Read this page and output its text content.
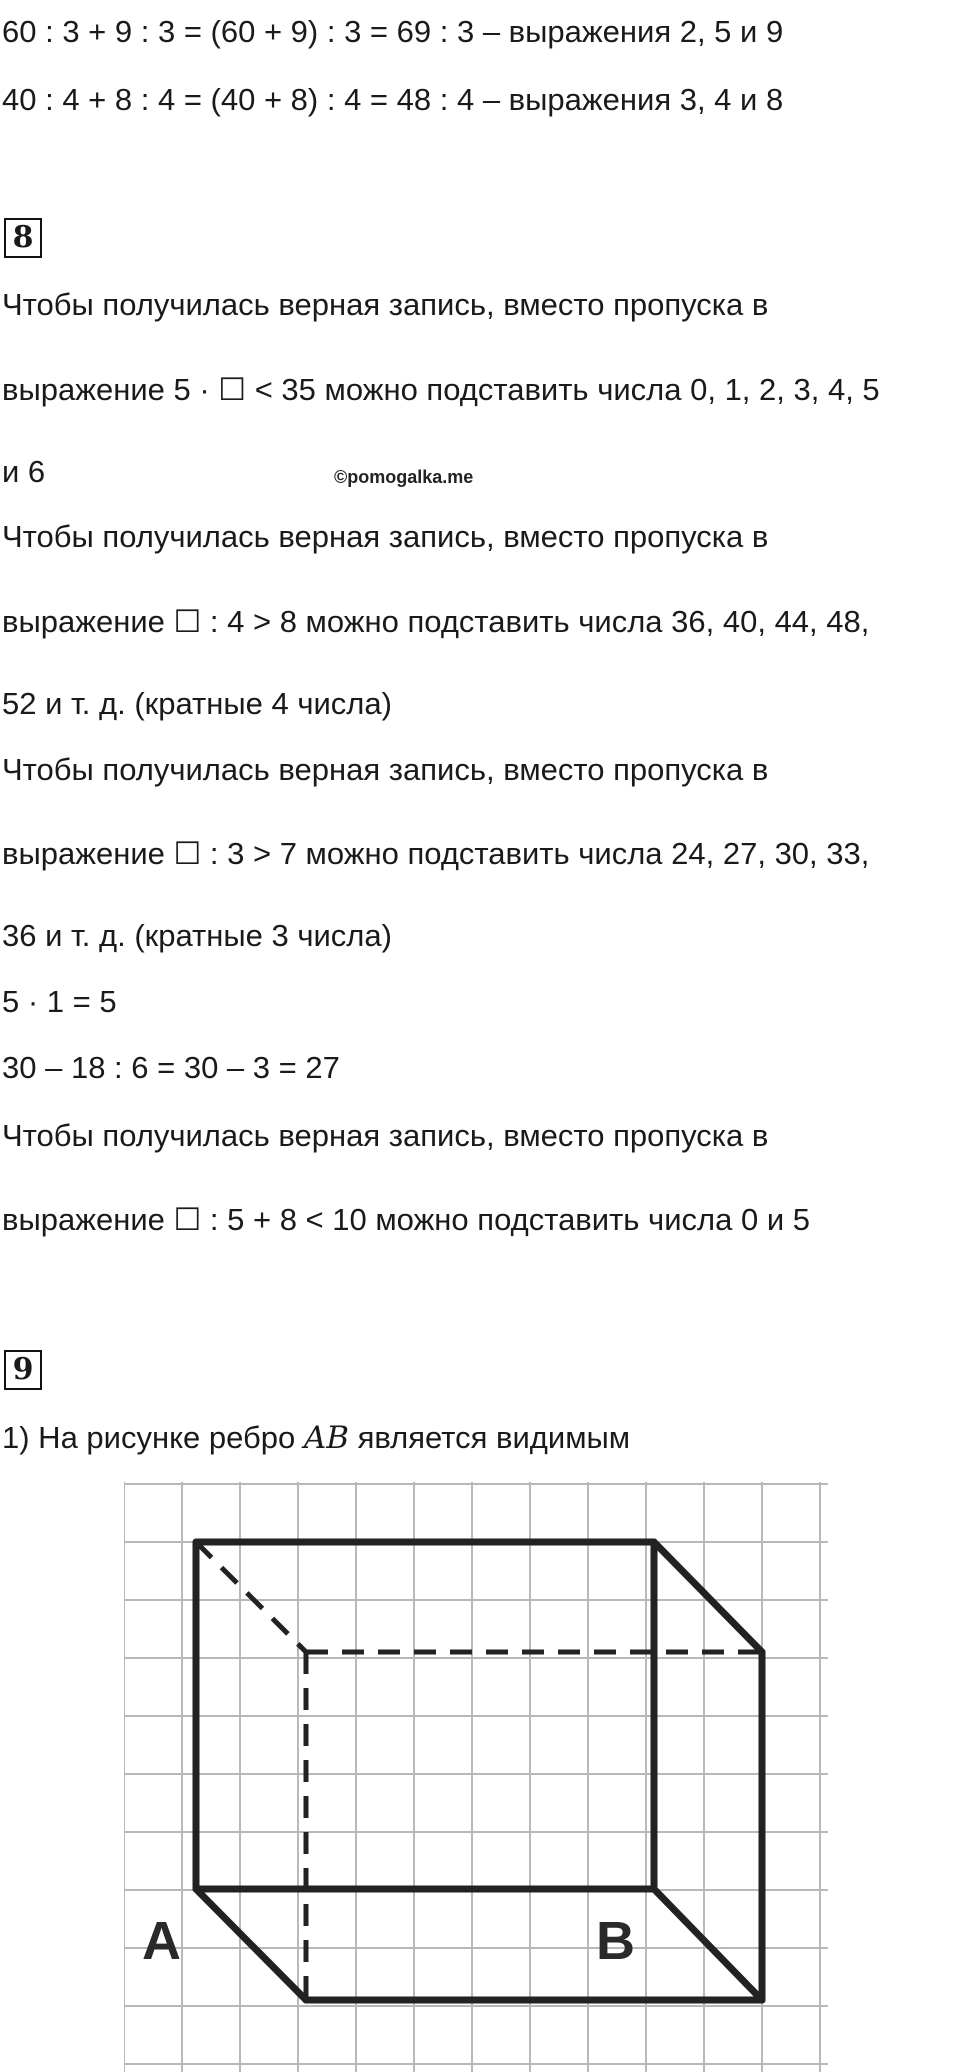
60 : 3 + 9 : 3 = (60 + 9) : 3 = 69 : 3 – выражения 2, 5 и 9
40 : 4 + 8 : 4 = (40 + 8) : 4 = 48 : 4 – выражения 3, 4 и 8
8
Чтобы получилась верная запись, вместо пропуска в
выражение 5 · ☐ < 35 можно подставить числа 0, 1, 2, 3, 4, 5
и 6	©pomogalka.me
Чтобы получилась верная запись, вместо пропуска в
выражение ☐ : 4 > 8 можно подставить числа 36, 40, 44, 48,
52 и т. д. (кратные 4 числа)
Чтобы получилась верная запись, вместо пропуска в
выражение ☐ : 3 > 7 можно подставить числа 24, 27, 30, 33,
36 и т. д. (кратные 3 числа)
5 · 1 = 5
30 – 18 : 6 = 30 – 3 = 27
Чтобы получилась верная запись, вместо пропуска в
выражение ☐ : 5 + 8 < 10 можно подставить числа 0 и 5
9
1) На рисунке ребро AB является видимым
A	B
